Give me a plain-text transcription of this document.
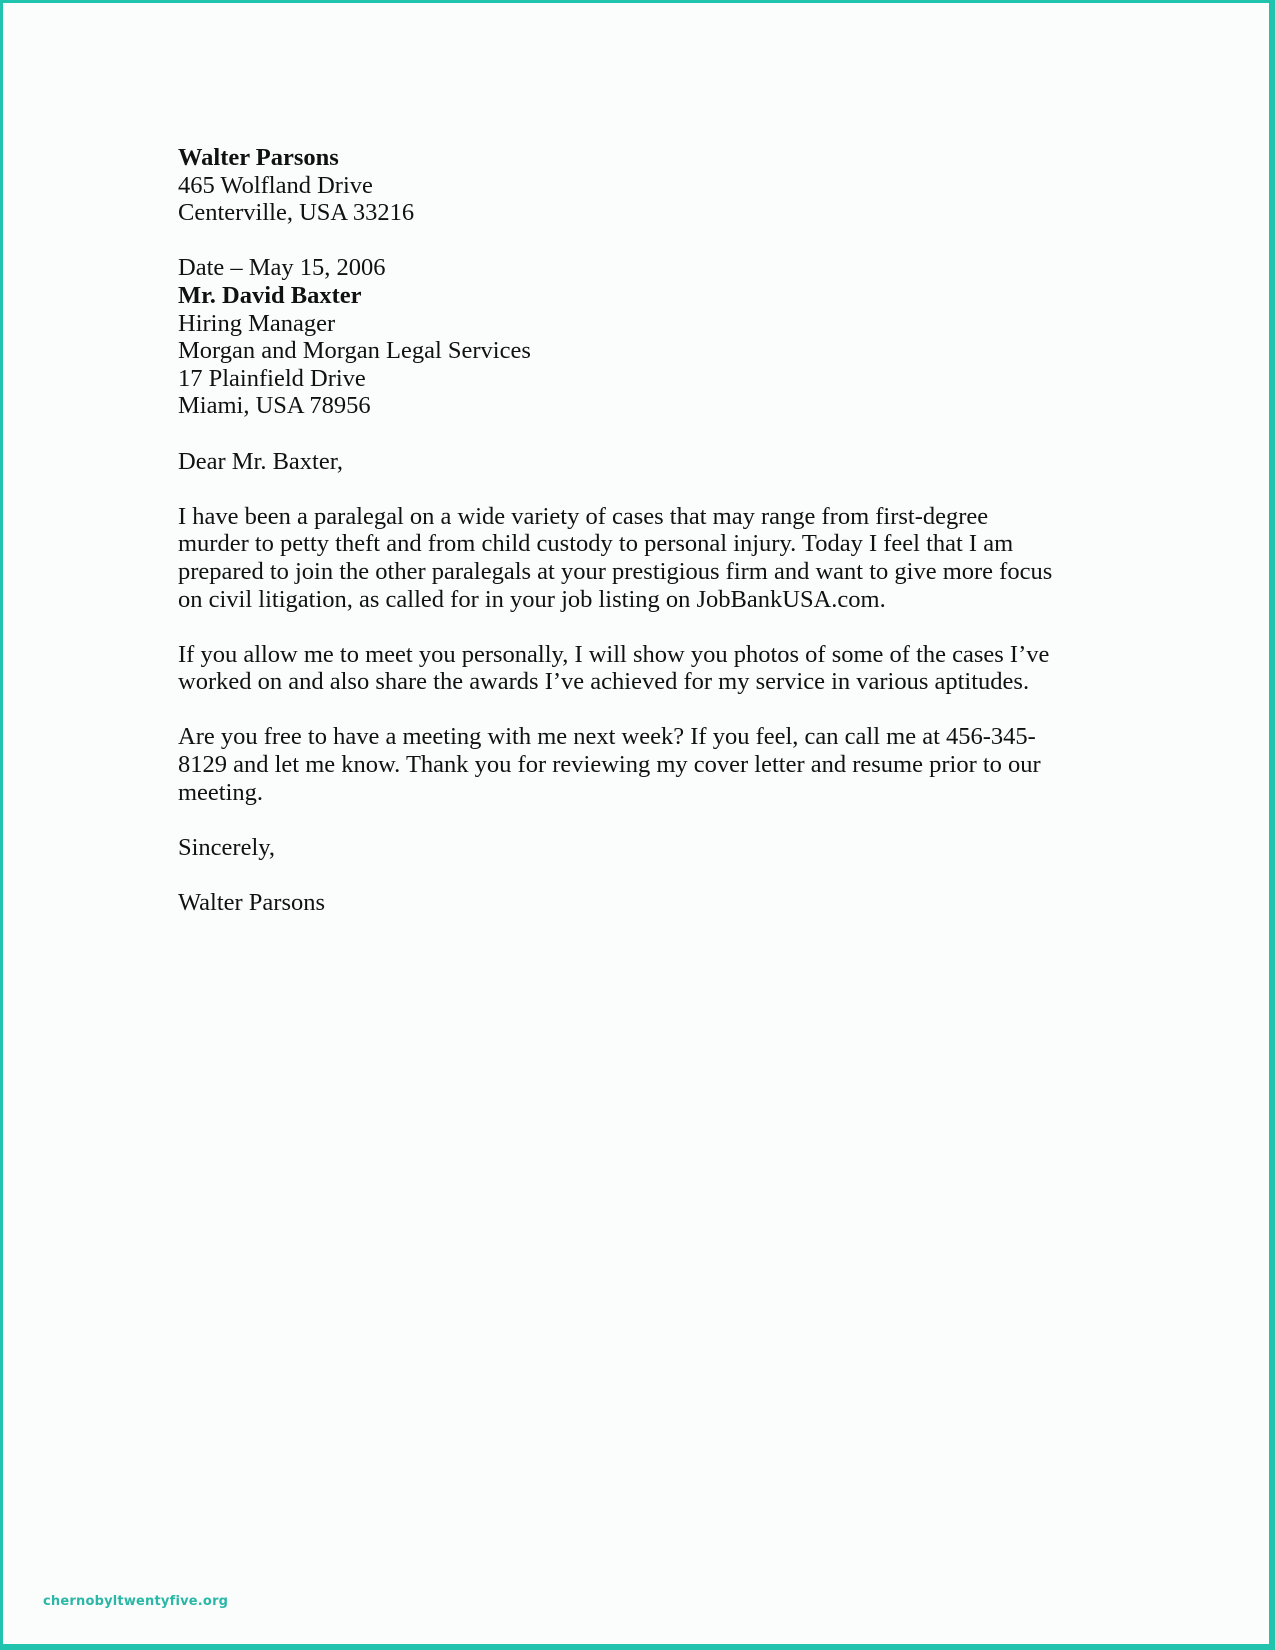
Walter Parsons
465 Wolfland Drive
Centerville, USA 33216
Date – May 15, 2006
Mr. David Baxter
Hiring Manager
Morgan and Morgan Legal Services
17 Plainfield Drive
Miami, USA 78956
Dear Mr. Baxter,
I have been a paralegal on a wide variety of cases that may range from first-degree
murder to petty theft and from child custody to personal injury. Today I feel that I am
prepared to join the other paralegals at your prestigious firm and want to give more focus
on civil litigation, as called for in your job listing on JobBankUSA.com.
If you allow me to meet you personally, I will show you photos of some of the cases I’ve
worked on and also share the awards I’ve achieved for my service in various aptitudes.
Are you free to have a meeting with me next week? If you feel, can call me at 456-345-
8129 and let me know. Thank you for reviewing my cover letter and resume prior to our
meeting.
Sincerely,
Walter Parsons
chernobyltwentyfive.org
